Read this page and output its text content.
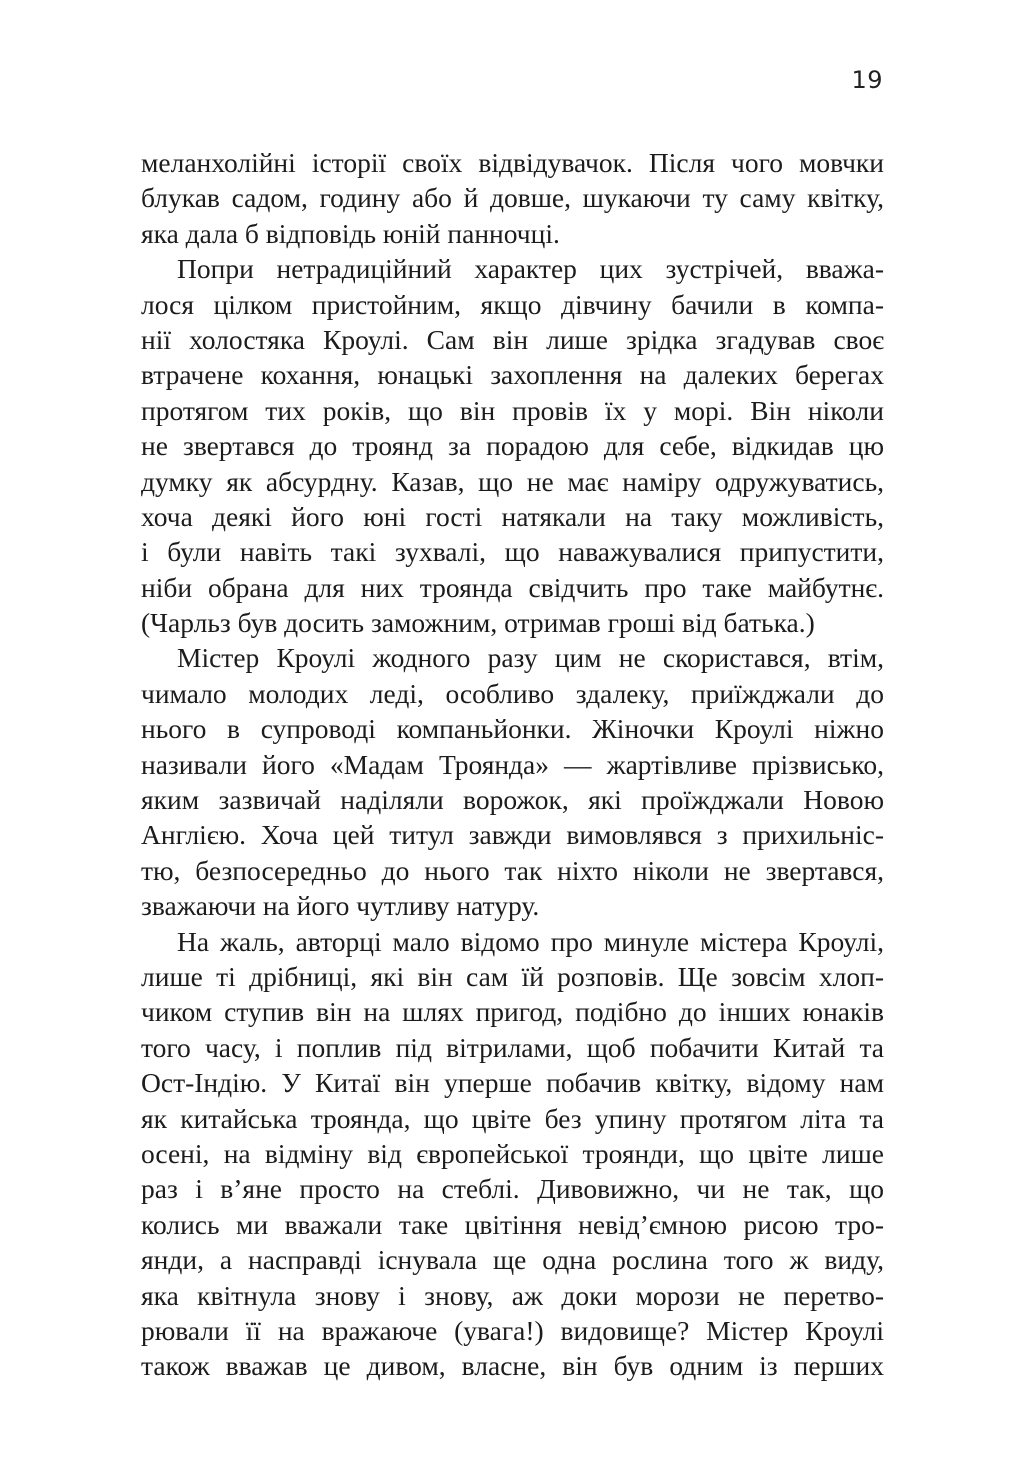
19
меланхолійні історії своїх відвідувачок. Після чого мовчки
блукав садом, годину або й довше, шукаючи ту саму квітку,
яка дала б відповідь юній панночці.
Попри нетрадиційний характер цих зустрічей, вважа-
лося цілком пристойним, якщо дівчину бачили в компа-
нії холостяка Кроулі. Сам він лише зрідка згадував своє
втрачене кохання, юнацькі захоплення на далеких берегах
протягом тих років, що він провів їх у морі. Він ніколи
не звертався до троянд за порадою для себе, відкидав цю
думку як абсурдну. Казав, що не має наміру одружуватись,
хоча деякі його юні гості натякали на таку можливість,
і були навіть такі зухвалі, що наважувалися припустити,
ніби обрана для них троянда свідчить про таке майбутнє.
(Чарльз був досить заможним, отримав гроші від батька.)
Містер Кроулі жодного разу цим не скористався, втім,
чимало молодих леді, особливо здалеку, приїжджали до
нього в супроводі компаньйонки. Жіночки Кроулі ніжно
називали його «Мадам Троянда» — жартівливе прізвисько,
яким зазвичай наділяли ворожок, які проїжджали Новою
Англією. Хоча цей титул завжди вимовлявся з прихильніс-
тю, безпосередньо до нього так ніхто ніколи не звертався,
зважаючи на його чутливу натуру.
На жаль, авторці мало відомо про минуле містера Кроулі,
лише ті дрібниці, які він сам їй розповів. Ще зовсім хлоп-
чиком ступив він на шлях пригод, подібно до інших юнаків
того часу, і поплив під вітрилами, щоб побачити Китай та
Ост-Індію. У Китаї він уперше побачив квітку, відому нам
як китайська троянда, що цвіте без упину протягом літа та
осені, на відміну від європейської троянди, що цвіте лише
раз і в’яне просто на стеблі. Дивовижно, чи не так, що
колись ми вважали таке цвітіння невід’ємною рисою тро-
янди, а насправді існувала ще одна рослина того ж виду,
яка квітнула знову і знову, аж доки морози не перетво-
рювали її на вражаюче (увага!) видовище? Містер Кроулі
також вважав це дивом, власне, він був одним із перших
